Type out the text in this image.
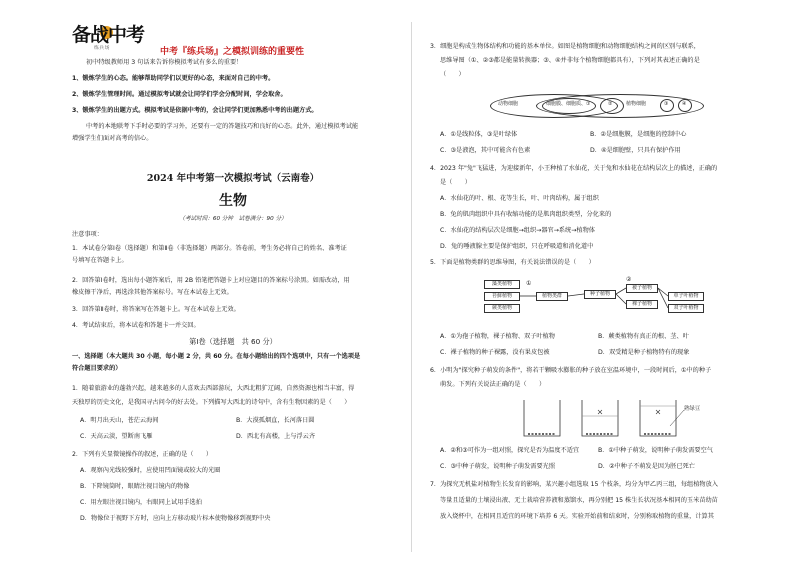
备战中考
练兵场	中考『练兵场』之模拟训练的重要性
初中特级教师用 3 句话来告诉你模拟考试有多么的重要！
1、锻炼学生的心态。能够帮助同学们以更好的心态，来面对自己的中考。
2、锻炼学生管理时间。通过模拟考试就会让同学们学会分配时间，学会取舍。
3、锻炼学生的出题方式。模拟考试是依据中考的，会让同学们更加熟悉中考的出题方式。
中考的本地联考下手时必要的学习外，还要有一定的答题技巧和良好的心态。此外，通过模拟考试能
增强学生们面对高考的信心。
2024 年中考第一次模拟考试（云南卷）
生物
（考试时间：60 分钟　试卷满分：90 分）
注意事项：
1．本试卷分第Ⅰ卷（选择题）和第Ⅱ卷（非选择题）两部分。答卷前，考生务必将自己的姓名、准考证
号填写在答题卡上。
2．回答第Ⅰ卷时，选出每小题答案后，用 2B 铅笔把答题卡上对应题目的答案标号涂黑。如需改动，用
橡皮擦干净后，再选涂其他答案标号。写在本试卷上无效。
3．回答第Ⅱ卷时，将答案写在答题卡上。写在本试卷上无效。
4．考试结束后，将本试卷和答题卡一并交回。
第Ⅰ卷（选择题　共 60 分）
一、选择题（本大题共 30 小题，每小题 2 分，共 60 分。在每小题给出的四个选项中，只有一个选项是
符合题目要求的）
1．随着旅游业的蓬勃兴起，越来越多的人喜欢去西部游玩，大西北粗犷辽阔，自然资源也相当丰富，得
天独厚的历史文化，是我国寻古问今的好去处。下列描写大西北的诗句中，含有生物因素的是（　　）
A．明月出天山，苍茫云海间	B．大漠孤烟直，长河落日圆
C．天高云淡，望断南飞雁	D．西北有高楼，上与浮云齐
2．下列有关显微镜操作的叙述，正确的是（　　）
A．观察內光线较强时，应使用凹面镜或较大的光圈
B．下降镜筒时，眼睛注视目镜内的物像
C．用左眼注视目镜内，右眼同上试用手选拍
D．物像位于视野下方时，应向上方移动玻片标本使物像移到视野中央
3．细胞是构成生物体结构和功能的基本单位。如图是植物细胞和动物细胞结构之间的区别与联系，
思维导图（①、②③都是能量转换器；③、④并非每个植物细胞都具有），下列对其表述正确的是
（　　）
动物细胞	细胞膜、细胞质、①	②	植物细胞	③	④
A．①是线粒体，③是叶绿体	B．②是细胞膜，是细胞的控制中心
C．③是液泡，其中可能含有色素	D．④是细胞壁，只具有保护作用
4．2023 年"兔"飞猛进，为迎接新年，小王种植了水仙花，关于兔和水仙花在结构层次上的描述，正确的
是（　　）
A．水仙花的叶、根、花等生长，叶、叶肉结构，属于组织
B．兔的肌肉组织中具有收缩功能的是肌肉组织类型，分化来的
C．水仙花的结构层次是细胞→组织→器官→系统→植物体
D．兔的唾液腺主要是保护组织，只在呼吸道和消化道中
5．下面是植物类群的思维导图，有关说法错误的是（　　）
藻类植物
苔藓植物
蕨类植物
植物类群
①
种子植物
②
被子植物
裸子植物
单子叶植物
双子叶植物
A．①为孢子植物，裸子植物、双子叶植物	B．蕨类植物有真正的根、茎、叶
C．裸子植物的种子裸露，没有果皮包被	D．双受精是种子植物特有的现象
6．小明为"探究种子萌发的条件"，将若干颗吸水膨胀的种子放在室温环境中，一段时间后，①中的种子
萌发。下列有关说法正确的是（　　）
熟绿豆
A．②和③可作为一组对照，探究是否为温度不适宜	B．①中种子萌发，说明种子萌发需要空气
C．③中种子萌发，说明种子萌发需要光照	D．②中种子不萌发是因为胚已死亡
7．为探究无机盐对植物生长发育的影响，某兴趣小组选取 15 个枝条，均分为甲乙丙三组，每组植物放入
等量且适量的土壤浸出液、无土栽培营养液和蒸馏水，再分别把 15 株生长状况基本相同的玉米苗幼苗
放入烧杯中，在相同且适宜的环境下培养 6 天。实验开始前和结束时，分别称取植物的重量，计算其
